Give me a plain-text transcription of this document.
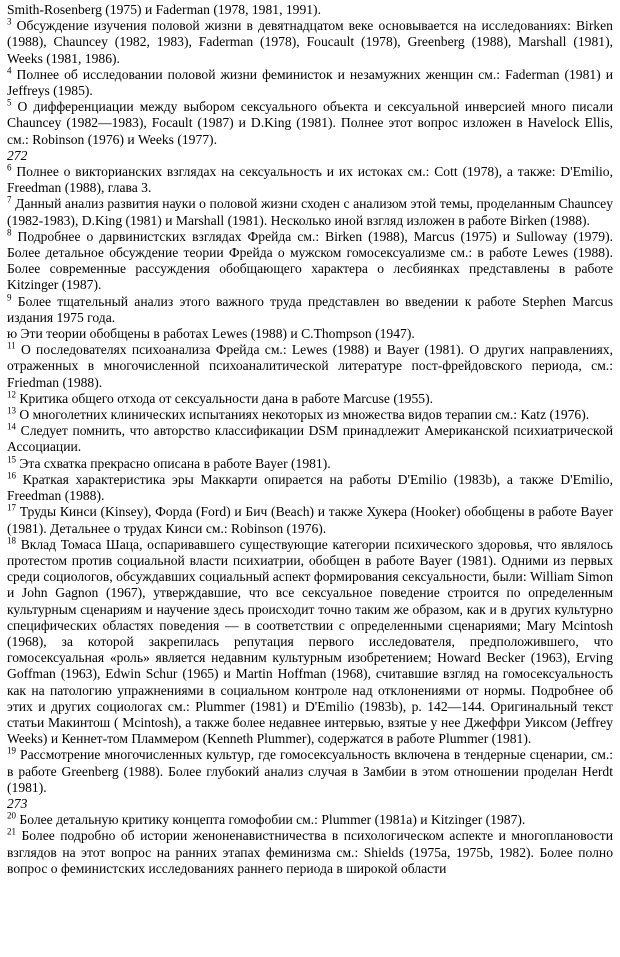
Smith-Rosenberg (1975) и Faderman (1978, 1981, 1991).

$^3$ Обсуждение изучения половой жизни в девятнадцатом веке основывается на исследованиях: Birken (1988), Chauncey (1982, 1983), Faderman (1978), Foucault (1978), Greenberg (1988), Marshall (1981), Weeks (1981, 1986).

$^4$ Полнее об исследовании половой жизни феминисток и незамужних женщин см.: Faderman (1981) и Jeffreys (1985).

$^5$ О дифференциации между выбором сексуального объекта и сексуальной инверсией много писали Chauncey (1982—1983), Focault (1987) и D.King (1981). Полнее этот вопрос изложен в Havelock Ellis, см.: Robinson (1976) и Weeks (1977).

272

$^6$ Полнее о викторианских взглядах на сексуальность и их истоках см.: Cott (1978), а также: D'Emilio, Freedman (1988), глава 3.

$^7$ Данный анализ развития науки о половой жизни сходен с анализом этой темы, проделанным Chauncey (1982-1983), D.King (1981) и Marshall (1981). Несколько иной взгляд изложен в работе Birken (1988).

$^8$ Подробнее о дарвинистских взглядах Фрейда см.: Birken (1988), Marcus (1975) и Sulloway (1979). Более детальное обсуждение теории Фрейда о мужском гомосексуализме см.: в работе Lewes (1988). Более современные рассуждения обобщающего характера о лесбиянках представлены в работе Kitzinger (1987).

$^9$ Более тщательный анализ этого важного труда представлен во введении к работе Stephen Marcus издания 1975 года.

ю Эти теории обобщены в работах Lewes (1988) и C.Thompson (1947).

$^{11}$ О последователях психоанализа Фрейда см.: Lewes (1988) и Bayer (1981). О других направлениях, отраженных в многочисленной психоаналитической литературе пост-фрейдовского периода, см.: Friedman (1988).

$^{12}$ Критика общего отхода от сексуальности дана в работе Marcuse (1955).

$^{13}$ О многолетних клинических испытаниях некоторых из множества видов терапии см.: Katz (1976).

$^{14}$ Следует помнить, что авторство классификации DSM принадлежит Американской психиатрической Ассоциации.

$^{15}$ Эта схватка прекрасно описана в работе Bayer (1981).

$^{16}$ Краткая характеристика эры Маккарти опирается на работы D'Emilio (1983b), а также D'Emilio, Freedman (1988).

$^{17}$ Труды Кинси (Kinsey), Форда (Ford) и Бич (Beach) и также Хукера (Hooker) обобщены в работе Bayer (1981). Детальнее о трудах Кинси см.: Robinson (1976).

$^{18}$ Вклад Томаса Шаца, оспаривавшего существующие категории психического здоровья, что являлось протестом против социальной власти психиатрии, обобщен в работе Bayer (1981). Одними из первых среди социологов, обсуждавших социальный аспект формирования сексуальности, были: William Simon и John Gagnon (1967), утверждавшие, что все сексуальное поведение строится по определенным культурным сценариям и научение здесь происходит точно таким же образом, как и в других культурно специфических областях поведения — в соответствии с определенными сценариями; Mary Mcintosh (1968), за которой закрепилась репутация первого исследователя, предположившего, что гомосексуальная «роль» является недавним культурным изобретением; Howard Becker (1963), Erving Goffman (1963), Edwin Schur (1965) и Martin Hoffman (1968), считавшие взгляд на гомосексуальность как на патологию упражнениями в социальном контроле над отклонениями от нормы. Подробнее об этих и других социологах см.: Plummer (1981) и D'Emilio (1983b), p. 142—144. Оригинальный текст статьи Макинтош ( Mcintosh), а также более недавнее интервью, взятые у нее Джеффри Уиксом (Jeffrey Weeks) и Кеннет-том Пламмером (Kenneth Plummer), содержатся в работе Plummer (1981).

$^{19}$ Рассмотрение многочисленных культур, где гомосексуальность включена в тендерные сценарии, см.: в работе Greenberg (1988). Более глубокий анализ случая в Замбии в этом отношении проделан Herdt (1981).

273

$^{20}$ Более детальную критику концепта гомофобии см.: Plummer (1981a) и Kitzinger (1987).

$^{21}$ Более подробно об истории женоненавистничества в психологическом аспекте и многоплановости взглядов на этот вопрос на ранних этапах феминизма см.: Shields (1975a, 1975b, 1982). Более полно вопрос о феминистских исследованиях раннего периода в широкой области
